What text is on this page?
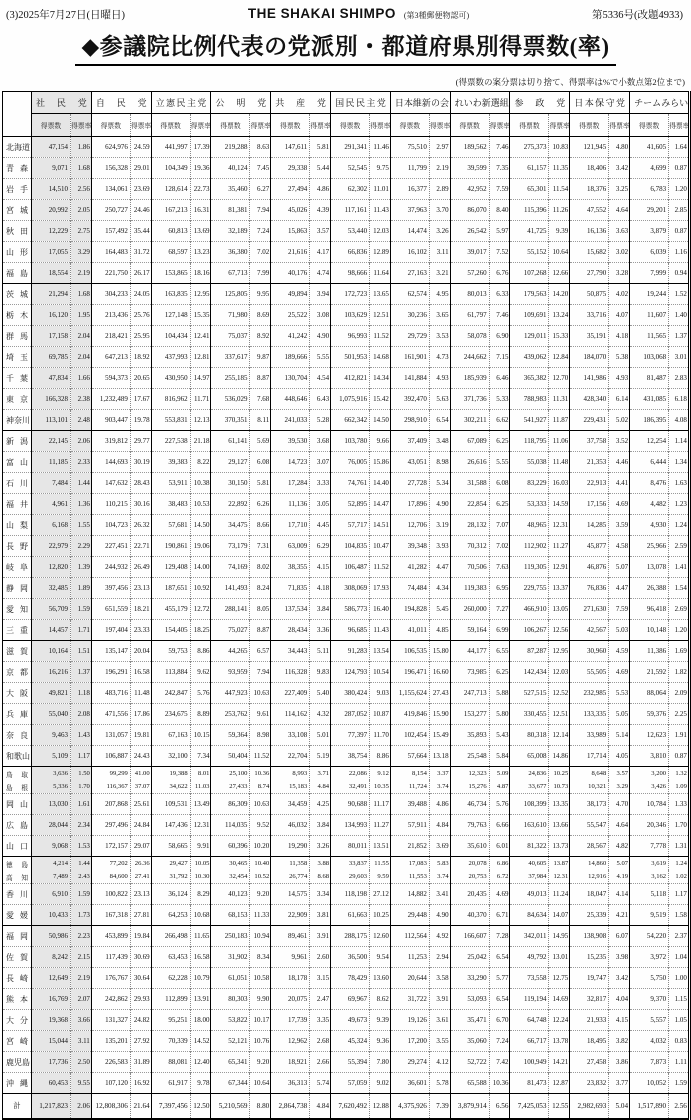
(3)2025年7月27日(日曜日)	THE SHAKAI SHIMPO (第3種郵便物認可)	第5336号(改題4933)
◆参議院比例代表の党派別・都道府県別得票数(率)
(得票数の案分票は切り捨て、得票率は%で小数点第2位まで)

社 民 党	自 民 党	立 憲 民 主 党	公 明 党	共 産 党	国 民 民 主 党	日 本 維 新 の 会	れ い わ 新 選 組	参 政 党	日 本 保 守 党	チ ー ム み ら い

	得票数	得票率	得票数	得票率	得票数	得票率	得票数	得票率	得票数	得票率	得票数	得票率	得票数	得票率	得票数	得票率	得票数	得票率	得票数	得票率	得票数	得票率

北 海 道	47,154	1.86	624,976	24.59	441,997	17.39	219,288	8.63	147,611	5.81	291,341	11.46	75,510	2.97	189,562	7.46	275,373	10.83	121,945	4.80	41,605	1.64

青 森	9,071	1.68	156,328	29.01	104,349	19.36	40,124	7.45	29,338	5.44	52,545	9.75	11,799	2.19	39,599	7.35	61,157	11.35	18,406	3.42	4,699	0.87

岩 手	14,510	2.56	134,061	23.69	128,614	22.73	35,460	6.27	27,494	4.86	62,302	11.01	16,377	2.89	42,952	7.59	65,301	11.54	18,376	3.25	6,783	1.20

宮 城	20,992	2.05	250,727	24.46	167,213	16.31	81,381	7.94	45,026	4.39	117,161	11.43	37,963	3.70	86,070	8.40	115,396	11.26	47,552	4.64	29,201	2.85

秋 田	12,229	2.75	157,492	35.44	60,813	13.69	32,189	7.24	15,863	3.57	53,440	12.03	14,474	3.26	26,542	5.97	41,725	9.39	16,136	3.63	3,879	0.87

山 形	17,055	3.29	164,483	31.72	68,597	13.23	36,380	7.02	21,616	4.17	66,836	12.89	16,102	3.11	39,017	7.52	55,152	10.64	15,682	3.02	6,039	1.16

福 島	18,554	2.19	221,750	26.17	153,865	18.16	67,713	7.99	40,176	4.74	98,666	11.64	27,163	3.21	57,260	6.76	107,268	12.66	27,790	3.28	7,999	0.94

茨 城	21,294	1.68	304,233	24.05	163,835	12.95	125,805	9.95	49,894	3.94	172,723	13.65	62,574	4.95	80,013	6.33	179,563	14.20	50,875	4.02	19,244	1.52

栃 木	16,120	1.95	213,436	25.76	127,148	15.35	71,980	8.69	25,522	3.08	103,629	12.51	30,236	3.65	61,797	7.46	109,691	13.24	33,716	4.07	11,607	1.40

群 馬	17,158	2.04	218,421	25.95	104,434	12.41	75,037	8.92	41,242	4.90	96,993	11.52	29,729	3.53	58,078	6.90	129,011	15.33	35,191	4.18	11,565	1.37

埼 玉	69,785	2.04	647,213	18.92	437,993	12.81	337,617	9.87	189,666	5.55	501,953	14.68	161,901	4.73	244,662	7.15	439,062	12.84	184,070	5.38	103,068	3.01

千 葉	47,834	1.66	594,373	20.65	430,950	14.97	255,185	8.87	130,704	4.54	412,821	14.34	141,884	4.93	185,939	6.46	365,382	12.70	141,986	4.93	81,487	2.83

東 京	166,328	2.38	1,232,489	17.67	816,962	11.71	536,029	7.68	448,646	6.43	1,075,916	15.42	392,470	5.63	371,736	5.33	788,983	11.31	428,340	6.14	431,085	6.18

神 奈 川	113,101	2.48	903,447	19.78	553,831	12.13	370,351	8.11	241,033	5.28	662,342	14.50	298,910	6.54	302,211	6.62	541,927	11.87	229,431	5.02	186,395	4.08

新 潟	22,145	2.06	319,812	29.77	227,538	21.18	61,141	5.69	39,530	3.68	103,780	9.66	37,409	3.48	67,089	6.25	118,795	11.06	37,758	3.52	12,254	1.14

富 山	11,185	2.33	144,693	30.19	39,383	8.22	29,127	6.08	14,723	3.07	76,005	15.86	43,051	8.98	26,616	5.55	55,038	11.48	21,353	4.46	6,444	1.34

石 川	7,484	1.44	147,632	28.43	53,911	10.38	30,150	5.81	17,284	3.33	74,761	14.40	27,728	5.34	31,588	6.08	83,229	16.03	22,913	4.41	8,476	1.63

福 井	4,961	1.36	110,215	30.16	38,483	10.53	22,892	6.26	11,136	3.05	52,895	14.47	17,896	4.90	22,854	6.25	53,333	14.59	17,156	4.69	4,482	1.23

山 梨	6,168	1.55	104,723	26.32	57,681	14.50	34,475	8.66	17,710	4.45	57,717	14.51	12,706	3.19	28,132	7.07	48,965	12.31	14,285	3.59	4,930	1.24

長 野	22,979	2.29	227,451	22.71	190,861	19.06	73,179	7.31	63,009	6.29	104,835	10.47	39,348	3.93	70,312	7.02	112,902	11.27	45,877	4.58	25,966	2.59

岐 阜	12,820	1.39	244,932	26.49	129,408	14.00	74,169	8.02	38,355	4.15	106,487	11.52	41,282	4.47	70,506	7.63	119,305	12.91	46,876	5.07	13,078	1.41

静 岡	32,485	1.89	397,456	23.13	187,651	10.92	141,493	8.24	71,835	4.18	308,069	17.93	74,484	4.34	119,383	6.95	229,755	13.37	76,836	4.47	26,388	1.54

愛 知	56,709	1.59	651,559	18.21	455,179	12.72	288,141	8.05	137,534	3.84	586,773	16.40	194,828	5.45	260,000	7.27	466,910	13.05	271,630	7.59	96,418	2.69

三 重	14,457	1.71	197,404	23.33	154,405	18.25	75,027	8.87	28,434	3.36	96,685	11.43	41,011	4.85	59,164	6.99	106,267	12.56	42,567	5.03	10,148	1.20

滋 賀	10,164	1.51	135,147	20.04	59,753	8.86	44,265	6.57	34,443	5.11	91,283	13.54	106,535	15.80	44,177	6.55	87,287	12.95	30,960	4.59	11,386	1.69

京 都	16,216	1.37	196,291	16.58	113,884	9.62	93,959	7.94	116,328	9.83	124,793	10.54	196,471	16.60	73,985	6.25	142,434	12.03	55,505	4.69	21,592	1.82

大 阪	49,821	1.18	483,716	11.48	242,847	5.76	447,923	10.63	227,409	5.40	380,424	9.03	1,155,624	27.43	247,713	5.88	527,515	12.52	232,985	5.53	88,064	2.09

兵 庫	55,040	2.08	471,556	17.86	234,675	8.89	253,762	9.61	114,162	4.32	287,052	10.87	419,846	15.90	153,277	5.80	330,455	12.51	133,335	5.05	59,376	2.25

奈 良	9,463	1.43	131,057	19.81	67,163	10.15	59,364	8.98	33,108	5.01	77,397	11.70	102,454	15.49	35,893	5.43	80,318	12.14	33,989	5.14	12,623	1.91

和 歌 山	5,109	1.17	106,887	24.43	32,100	7.34	50,404	11.52	22,704	5.19	38,754	8.86	57,664	13.18	25,548	5.84	65,008	14.86	17,714	4.05	3,810	0.87

鳥 取	3,636	1.50	99,299	41.00	19,388	8.01	25,100	10.36	8,993	3.71	22,086	9.12	8,154	3.37	12,323	5.09	24,836	10.25	8,648	3.57	3,200	1.32

島 根	5,336	1.70	116,367	37.07	34,622	11.03	27,433	8.74	15,183	4.84	32,491	10.35	11,724	3.74	15,276	4.87	33,677	10.73	10,321	3.29	3,426	1.09

岡 山	13,030	1.61	207,868	25.61	109,531	13.49	86,309	10.63	34,459	4.25	90,688	11.17	39,488	4.86	46,734	5.76	108,399	13.35	38,173	4.70	10,784	1.33

広 島	28,044	2.34	297,496	24.84	147,436	12.31	114,035	9.52	46,032	3.84	134,993	11.27	57,911	4.84	79,763	6.66	163,610	13.66	55,547	4.64	20,346	1.70

山 口	9,068	1.53	172,157	29.07	58,665	9.91	60,396	10.20	19,290	3.26	80,011	13.51	21,852	3.69	35,610	6.01	81,322	13.73	28,567	4.82	7,778	1.31

徳 島	4,214	1.44	77,202	26.36	29,427	10.05	30,465	10.40	11,358	3.88	33,837	11.55	17,083	5.83	20,078	6.86	40,605	13.87	14,860	5.07	3,619	1.24

高 知	7,489	2.43	84,600	27.41	31,792	10.30	32,454	10.52	26,774	8.68	29,603	9.59	11,553	3.74	20,753	6.72	37,984	12.31	12,916	4.19	3,162	1.02

香 川	6,910	1.59	100,822	23.13	36,124	8.29	40,123	9.20	14,575	3.34	118,198	27.12	14,882	3.41	20,435	4.69	49,013	11.24	18,047	4.14	5,118	1.17

愛 媛	10,433	1.73	167,318	27.81	64,253	10.68	68,153	11.33	22,909	3.81	61,663	10.25	29,448	4.90	40,370	6.71	84,634	14.07	25,339	4.21	9,519	1.58

福 岡	50,986	2.23	453,899	19.84	266,498	11.65	250,183	10.94	89,461	3.91	288,175	12.60	112,564	4.92	166,607	7.28	342,011	14.95	138,908	6.07	54,220	2.37

佐 賀	8,242	2.15	117,439	30.69	63,453	16.58	31,902	8.34	9,961	2.60	36,500	9.54	11,253	2.94	25,042	6.54	49,792	13.01	15,235	3.98	3,972	1.04

長 崎	12,649	2.19	176,767	30.64	62,228	10.79	61,051	10.58	18,178	3.15	78,429	13.60	20,644	3.58	33,290	5.77	73,558	12.75	19,747	3.42	5,750	1.00

熊 本	16,769	2.07	242,862	29.93	112,899	13.91	80,303	9.90	20,075	2.47	69,967	8.62	31,722	3.91	53,093	6.54	119,194	14.69	32,817	4.04	9,370	1.15

大 分	19,368	3.66	131,327	24.82	95,251	18.00	53,822	10.17	17,739	3.35	49,673	9.39	19,126	3.61	35,471	6.70	64,748	12.24	21,933	4.15	5,557	1.05

宮 崎	15,044	3.11	135,201	27.92	70,339	14.52	52,121	10.76	12,962	2.68	45,324	9.36	17,200	3.55	35,060	7.24	66,717	13.78	18,495	3.82	4,032	0.83

鹿 児 島	17,736	2.50	226,583	31.89	88,081	12.40	65,341	9.20	18,921	2.66	55,394	7.80	29,274	4.12	52,722	7.42	100,949	14.21	27,458	3.86	7,873	1.11

沖 縄	60,453	9.55	107,120	16.92	61,917	9.78	67,344	10.64	36,313	5.74	57,059	9.02	36,601	5.78	65,588	10.36	81,473	12.87	23,832	3.77	10,052	1.59

計	1,217,823	2.06	12,808,306	21.64	7,397,456	12.50	5,210,569	8.80	2,864,738	4.84	7,620,492	12.88	4,375,926	7.39	3,879,914	6.56	7,425,053	12.55	2,982,693	5.04	1,517,890	2.56
